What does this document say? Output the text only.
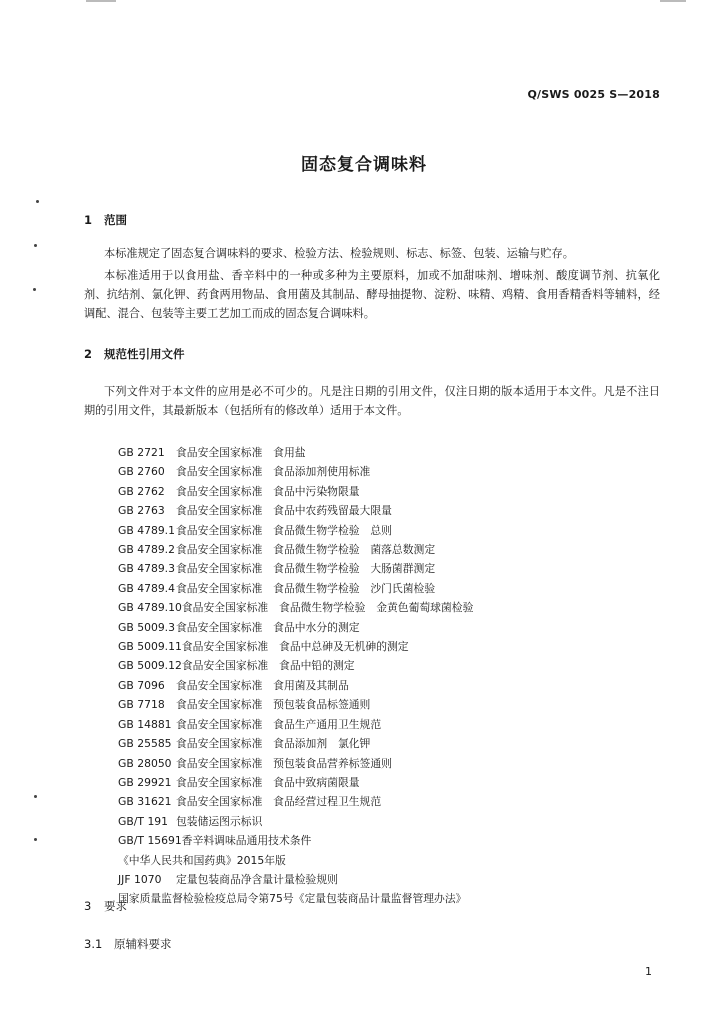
Q/SWS 0025 S—2018
固态复合调味料
1 范围
本标准规定了固态复合调味料的要求、检验方法、检验规则、标志、标签、包装、运输与贮存。
本标准适用于以食用盐、香辛料中的一种或多种为主要原料，加或不加甜味剂、增味剂、酸度调节剂、抗氧化剂、抗结剂、氯化钾、药食两用物品、食用菌及其制品、酵母抽提物、淀粉、味精、鸡精、食用香精香料等辅料，经调配、混合、包装等主要工艺加工而成的固态复合调味料。
2 规范性引用文件
下列文件对于本文件的应用是必不可少的。凡是注日期的引用文件，仅注日期的版本适用于本文件。凡是不注日期的引用文件，其最新版本（包括所有的修改单）适用于本文件。
GB 2721 食品安全国家标准　食用盐
GB 2760 食品安全国家标准　食品添加剂使用标准
GB 2762 食品安全国家标准　食品中污染物限量
GB 2763 食品安全国家标准　食品中农药残留最大限量
GB 4789.1食品安全国家标准　食品微生物学检验　总则
GB 4789.2食品安全国家标准　食品微生物学检验　菌落总数测定
GB 4789.3食品安全国家标准　食品微生物学检验　大肠菌群测定
GB 4789.4食品安全国家标准　食品微生物学检验　沙门氏菌检验
GB 4789.10食品安全国家标准　食品微生物学检验　金黄色葡萄球菌检验
GB 5009.3食品安全国家标准　食品中水分的测定
GB 5009.11食品安全国家标准　食品中总砷及无机砷的测定
GB 5009.12食品安全国家标准　食品中铅的测定
GB 7096 食品安全国家标准　食用菌及其制品
GB 7718 食品安全国家标准　预包装食品标签通则
GB 14881 食品安全国家标准　食品生产通用卫生规范
GB 25585 食品安全国家标准　食品添加剂　氯化钾
GB 28050 食品安全国家标准　预包装食品营养标签通则
GB 29921 食品安全国家标准　食品中致病菌限量
GB 31621 食品安全国家标准　食品经营过程卫生规范
GB/T 191 包装储运图示标识
GB/T 15691香辛料调味品通用技术条件
《中华人民共和国药典》2015年版
JJF 1070 定量包装商品净含量计量检验规则
国家质量监督检验检疫总局令第75号《定量包装商品计量监督管理办法》
3 要求
3.1 原辅料要求
1
